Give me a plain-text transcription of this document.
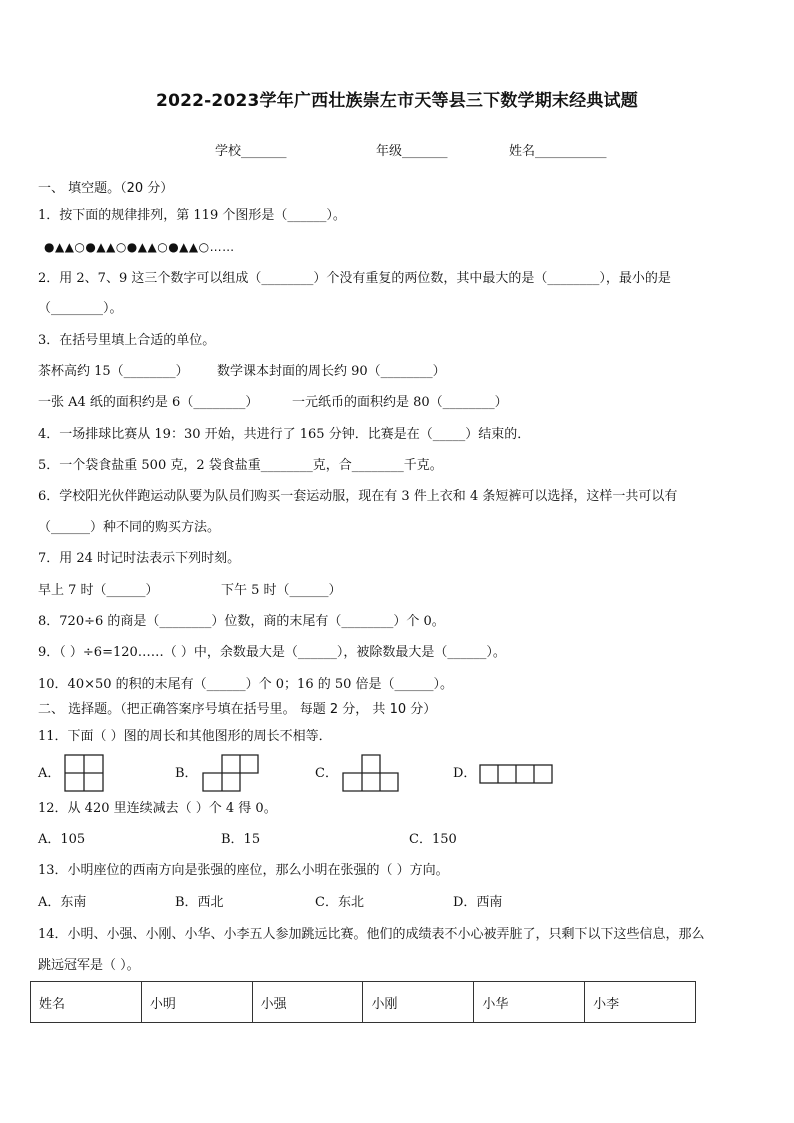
2022-2023学年广西壮族崇左市天等县三下数学期末经典试题
学校_______	年级_______	姓名___________
一、 填空题。（20 分）
1．按下面的规律排列，第 119 个图形是（______）。
●▲▲○●▲▲○●▲▲○●▲▲○……
2．用 2、7、9 这三个数字可以组成（________）个没有重复的两位数，其中最大的是（________），最小的是
（________）。
3．在括号里填上合适的单位。
茶杯高约 15（________） 数学课本封面的周长约 90（________）
一张 A4 纸的面积约是 6（________）	一元纸币的面积约是 80（________）
4．一场排球比赛从 19：30 开始，共进行了 165 分钟．比赛是在（_____）结束的．
5．一个袋食盐重 500 克，2 袋食盐重________克，合________千克。
6．学校阳光伙伴跑运动队要为队员们购买一套运动服，现在有 3 件上衣和 4 条短裤可以选择，这样一共可以有
（______）种不同的购买方法。
7．用 24 时记时法表示下列时刻。
早上 7 时（______）	下午 5 时（______）
8．720÷6 的商是（________）位数，商的末尾有（________）个 0。
9．（ ）÷6=120……（ ）中，余数最大是（______），被除数最大是（______）。
10．40×50 的积的末尾有（______）个 0；16 的 50 倍是（______）。
二、 选择题。（把正确答案序号填在括号里。 每题 2 分， 共 10 分）
11．下面（ ）图的周长和其他图形的周长不相等．
A．	B．	C．	D．
12．从 420 里连续减去（ ）个 4 得 0。
A．105	B．15	C．150
13．小明座位的西南方向是张强的座位，那么小明在张强的（ ）方向。
A．东南	B．西北	C．东北	D．西南
14．小明、小强、小刚、小华、小李五人参加跳远比赛。他们的成绩表不小心被弄脏了，只剩下以下这些信息，那么
跳远冠军是（ ）。
姓名	小明	小强	小刚	小华	小李
